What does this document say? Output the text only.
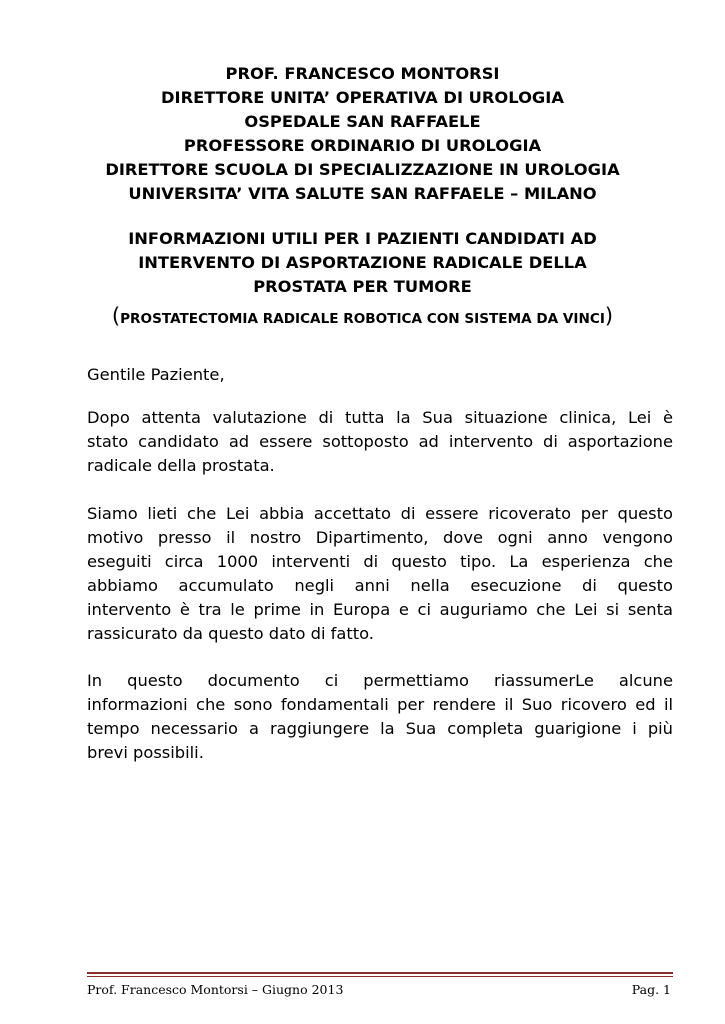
PROF. FRANCESCO MONTORSI
DIRETTORE UNITA’ OPERATIVA DI UROLOGIA
OSPEDALE SAN RAFFAELE
PROFESSORE ORDINARIO DI UROLOGIA
DIRETTORE SCUOLA DI SPECIALIZZAZIONE IN UROLOGIA
UNIVERSITA’ VITA SALUTE SAN RAFFAELE – MILANO
INFORMAZIONI UTILI PER I PAZIENTI CANDIDATI AD
INTERVENTO DI ASPORTAZIONE RADICALE DELLA
PROSTATA PER TUMORE
(PROSTATECTOMIA RADICALE ROBOTICA CON SISTEMA DA VINCI)
Gentile Paziente,
Dopo attenta valutazione di tutta la Sua situazione clinica, Lei è
stato candidato ad essere sottoposto ad intervento di asportazione
radicale della prostata.
Siamo lieti che Lei abbia accettato di essere ricoverato per questo
motivo presso il nostro Dipartimento, dove ogni anno vengono
eseguiti circa 1000 interventi di questo tipo. La esperienza che
abbiamo accumulato negli anni nella esecuzione di questo
intervento è tra le prime in Europa e ci auguriamo che Lei si senta
rassicurato da questo dato di fatto.
In questo documento ci permettiamo riassumerLe alcune
informazioni che sono fondamentali per rendere il Suo ricovero ed il
tempo necessario a raggiungere la Sua completa guarigione i più
brevi possibili.
Prof. Francesco Montorsi – Giugno 2013	Pag. 1
